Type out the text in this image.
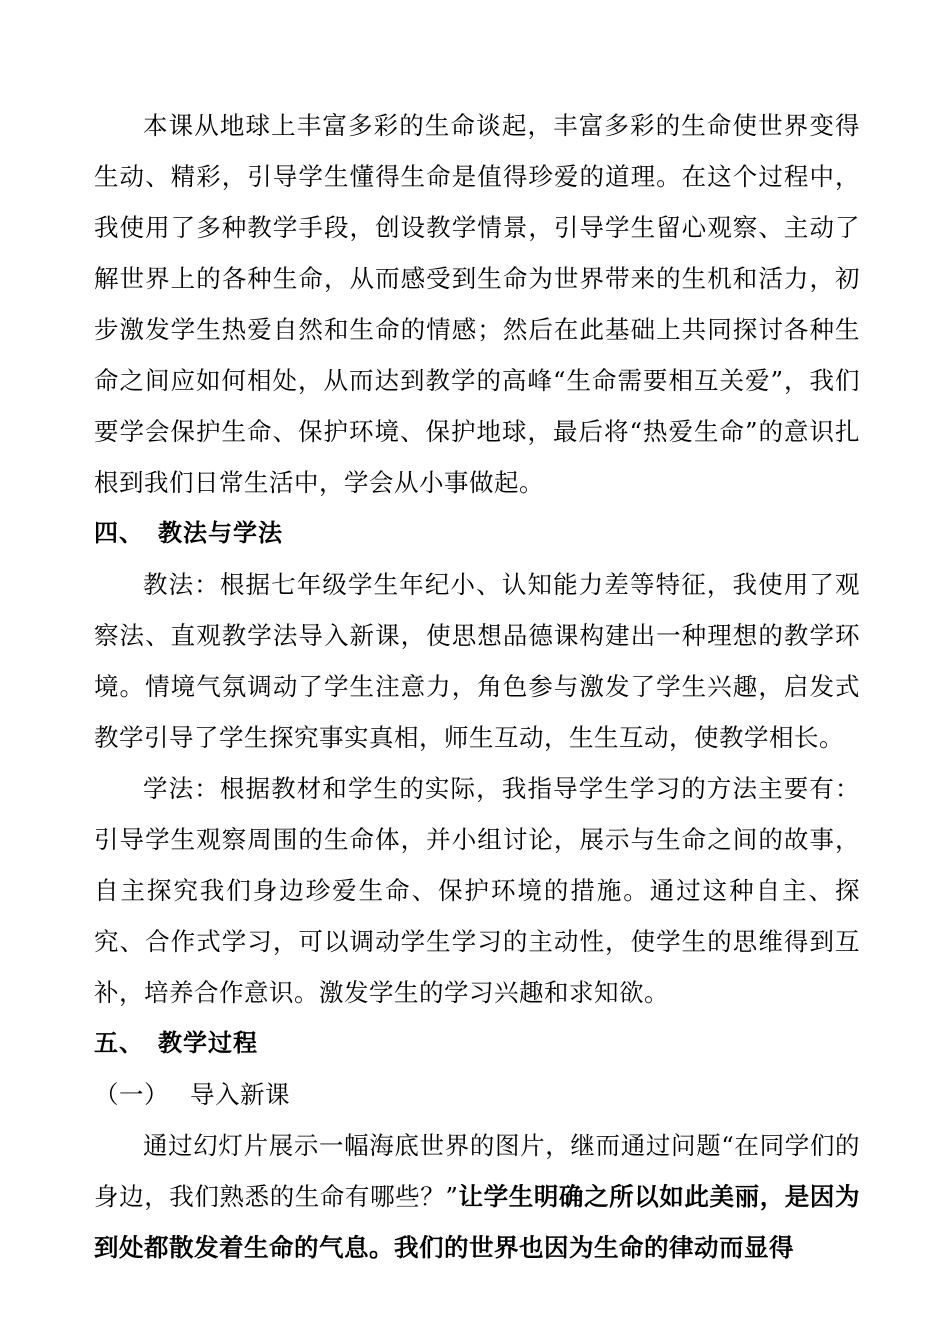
本课从地球上丰富多彩的生命谈起，丰富多彩的生命使世界变得生动、精彩，引导学生懂得生命是值得珍爱的道理。在这个过程中，我使用了多种教学手段，创设教学情景，引导学生留心观察、主动了解世界上的各种生命，从而感受到生命为世界带来的生机和活力，初步激发学生热爱自然和生命的情感；然后在此基础上共同探讨各种生命之间应如何相处，从而达到教学的高峰“生命需要相互关爱”，我们要学会保护生命、保护环境、保护地球，最后将“热爱生命”的意识扎根到我们日常生活中，学会从小事做起。

四、 教法与学法

教法：根据七年级学生年纪小、认知能力差等特征，我使用了观察法、直观教学法导入新课，使思想品德课构建出一种理想的教学环境。情境气氛调动了学生注意力，角色参与激发了学生兴趣，启发式教学引导了学生探究事实真相，师生互动，生生互动，使教学相长。

学法：根据教材和学生的实际，我指导学生学习的方法主要有：引导学生观察周围的生命体，并小组讨论，展示与生命之间的故事，自主探究我们身边珍爱生命、保护环境的措施。通过这种自主、探究、合作式学习，可以调动学生学习的主动性，使学生的思维得到互补，培养合作意识。激发学生的学习兴趣和求知欲。

五、 教学过程

（一） 导入新课

通过幻灯片展示一幅海底世界的图片，继而通过问题“在同学们的身边，我们熟悉的生命有哪些？”让学生明确之所以如此美丽，是因为到处都散发着生命的气息。我们的世界也因为生命的律动而显得
